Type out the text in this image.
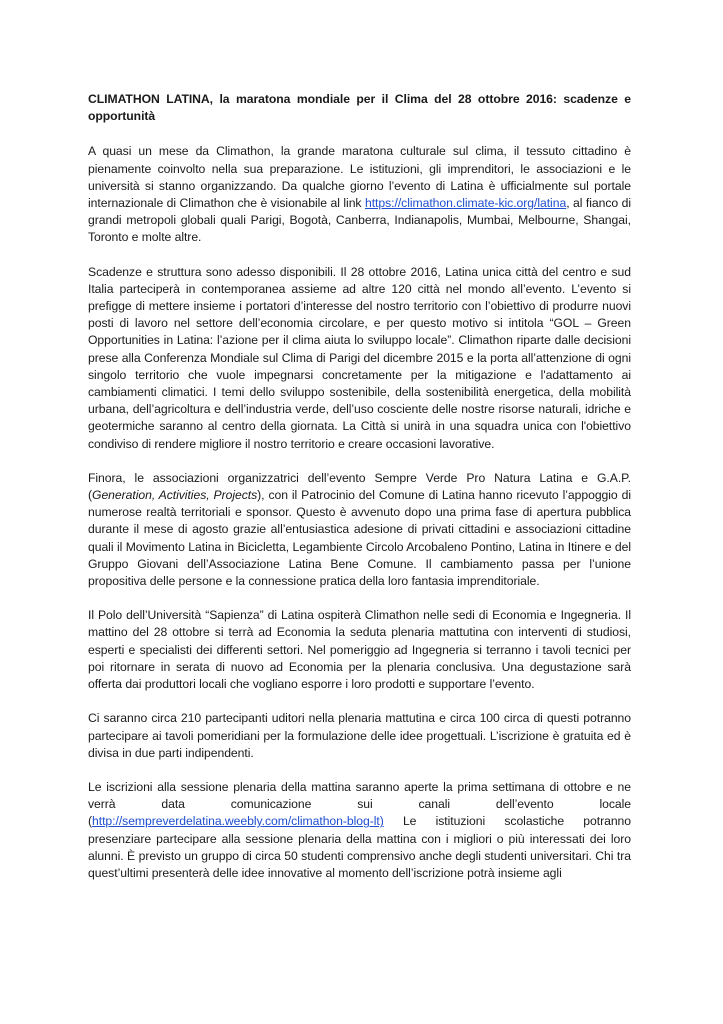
CLIMATHON LATINA, la maratona mondiale per il Clima del 28 ottobre 2016: scadenze e opportunità

A quasi un mese da Climathon, la grande maratona culturale sul clima, il tessuto cittadino è pienamente coinvolto nella sua preparazione. Le istituzioni, gli imprenditori, le associazioni e le università si stanno organizzando. Da qualche giorno l’evento di Latina è ufficialmente sul portale internazionale di Climathon che è visionabile al link https://climathon.climate-kic.org/latina, al fianco di grandi metropoli globali quali Parigi, Bogotà, Canberra, Indianapolis, Mumbai, Melbourne, Shangai, Toronto e molte altre.

Scadenze e struttura sono adesso disponibili. Il 28 ottobre 2016, Latina unica città del centro e sud Italia parteciperà in contemporanea assieme ad altre 120 città nel mondo all’evento. L’evento si prefigge di mettere insieme i portatori d’interesse del nostro territorio con l’obiettivo di produrre nuovi posti di lavoro nel settore dell’economia circolare, e per questo motivo si intitola “GOL – Green Opportunities in Latina: l’azione per il clima aiuta lo sviluppo locale”. Climathon riparte dalle decisioni prese alla Conferenza Mondiale sul Clima di Parigi del dicembre 2015 e la porta all’attenzione di ogni singolo territorio che vuole impegnarsi concretamente per la mitigazione e l'adattamento ai cambiamenti climatici. I temi dello sviluppo sostenibile, della sostenibilità energetica, della mobilità urbana, dell’agricoltura e dell’industria verde, dell’uso cosciente delle nostre risorse naturali, idriche e geotermiche saranno al centro della giornata. La Città si unirà in una squadra unica con l'obiettivo condiviso di rendere migliore il nostro territorio e creare occasioni lavorative.

Finora, le associazioni organizzatrici dell’evento Sempre Verde Pro Natura Latina e G.A.P. (Generation, Activities, Projects), con il Patrocinio del Comune di Latina hanno ricevuto l’appoggio di numerose realtà territoriali e sponsor. Questo è avvenuto dopo una prima fase di apertura pubblica durante il mese di agosto grazie all’entusiastica adesione di privati cittadini e associazioni cittadine quali il Movimento Latina in Bicicletta, Legambiente Circolo Arcobaleno Pontino, Latina in Itinere e del Gruppo Giovani dell’Associazione Latina Bene Comune. Il cambiamento passa per l’unione propositiva delle persone e la connessione pratica della loro fantasia imprenditoriale.

Il Polo dell’Università “Sapienza” di Latina ospiterà Climathon nelle sedi di Economia e Ingegneria. Il mattino del 28 ottobre si terrà ad Economia la seduta plenaria mattutina con interventi di studiosi, esperti e specialisti dei differenti settori. Nel pomeriggio ad Ingegneria si terranno i tavoli tecnici per poi ritornare in serata di nuovo ad Economia per la plenaria conclusiva. Una degustazione sarà offerta dai produttori locali che vogliano esporre i loro prodotti e supportare l’evento.

Ci saranno circa 210 partecipanti uditori nella plenaria mattutina e circa 100 circa di questi potranno partecipare ai tavoli pomeridiani per la formulazione delle idee progettuali. L’iscrizione è gratuita ed è divisa in due parti indipendenti.

Le iscrizioni alla sessione plenaria della mattina saranno aperte la prima settimana di ottobre e ne verrà data comunicazione sui canali dell’evento locale (http://sempreverdelatina.weebly.com/climathon-blog-lt) Le istituzioni scolastiche potranno presenziare partecipare alla sessione plenaria della mattina con i migliori o più interessati dei loro alunni. È previsto un gruppo di circa 50 studenti comprensivo anche degli studenti universitari. Chi tra quest’ultimi presenterà delle idee innovative al momento dell’iscrizione potrà insieme agli
